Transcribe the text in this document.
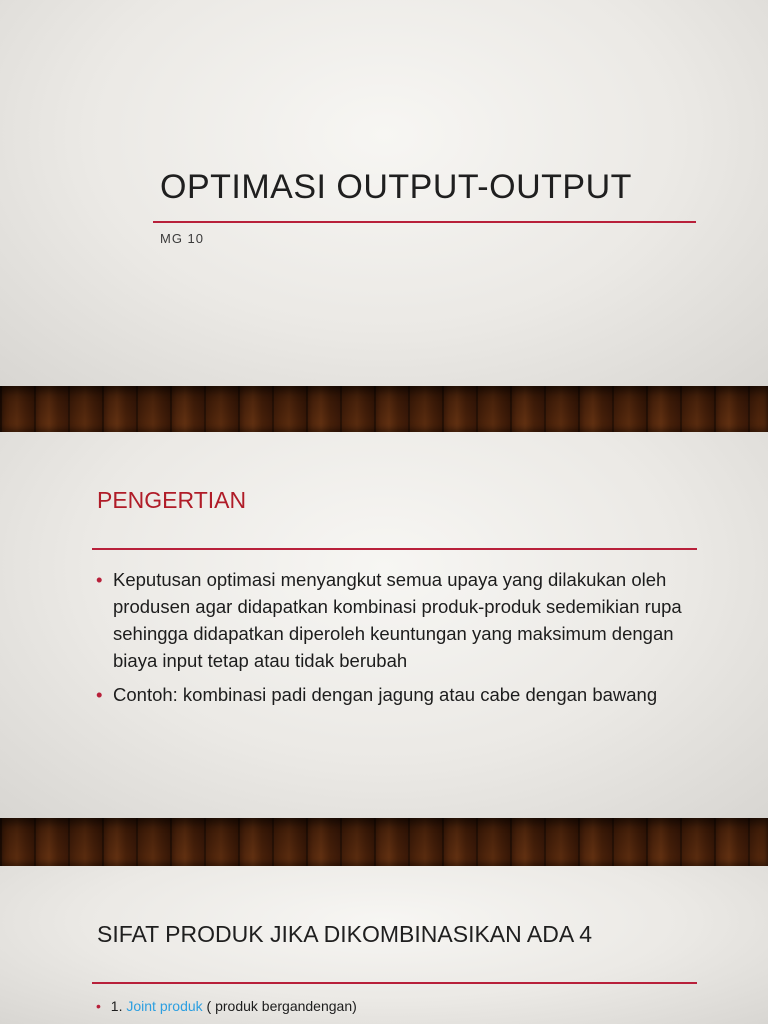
OPTIMASI OUTPUT-OUTPUT
MG 10
PENGERTIAN
• Keputusan optimasi menyangkut semua upaya yang dilakukan oleh produsen agar didapatkan kombinasi produk-produk sedemikian rupa sehingga didapatkan diperoleh keuntungan yang maksimum dengan biaya input tetap atau tidak berubah
• Contoh: kombinasi padi dengan jagung atau cabe dengan bawang
SIFAT PRODUK JIKA DIKOMBINASIKAN ADA 4
• 1. Joint produk ( produk bergandengan)
